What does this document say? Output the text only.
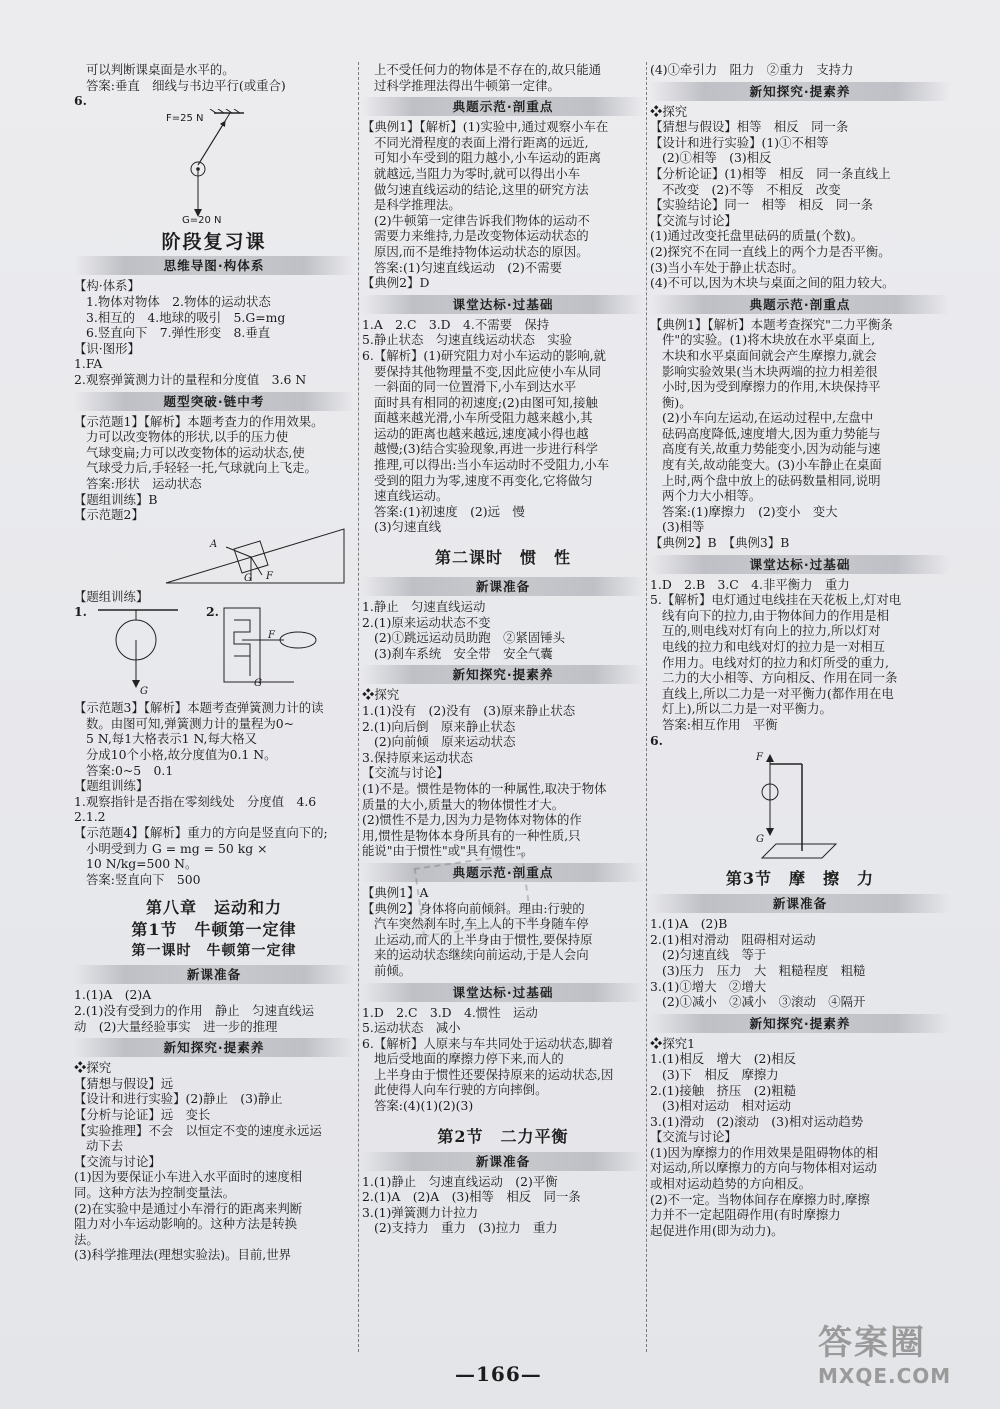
可以判断课桌面是水平的。
答案:垂直　细线与书边平行(或重合)
6.
F=25 N
G=20 N
阶段复习课
思维导图·构体系
【构·体系】
1.物体对物体　2.物体的运动状态
3.相互的　4.地球的吸引　5.G=mg
6.竖直向下　7.弹性形变　8.垂直
【识·图形】
1.FA
2.观察弹簧测力计的量程和分度值　3.6 N
题型突破·链中考
【示范题1】【解析】本题考查力的作用效果。
力可以改变物体的形状,以手的压力使
气球变扁;力可以改变物体的运动状态,使
气球受力后,手轻轻一托,气球就向上飞走。
答案:形状　运动状态
【题组训练】B
【示范题2】
A
G F
【题组训练】
1.	2.
G
F
G
【示范题3】【解析】本题考查弹簧测力计的读
数。由图可知,弹簧测力计的量程为0~
5 N,每1大格表示1 N,每大格又
分成10个小格,故分度值为0.1 N。
答案:0~5　0.1
【题组训练】
1.观察指针是否指在零刻线处　分度值　4.6
2.1.2
【示范题4】【解析】重力的方向是竖直向下的;
小明受到力 G = mg = 50 kg ×
10 N/kg=500 N。
答案:竖直向下　500
第八章　运动和力
第1节　牛顿第一定律
第一课时　牛顿第一定律
新课准备
1.(1)A　(2)A
2.(1)没有受到力的作用　静止　匀速直线运
动　(2)大量经验事实　进一步的推理
新知探究·提素养
❖探究
【猜想与假设】远
【设计和进行实验】(2)静止　(3)静止
【分析与论证】远　变长
【实验推理】不会　以恒定不变的速度永远运
动下去
【交流与讨论】
(1)因为要保证小车进入水平面时的速度相
同。这种方法为控制变量法。
(2)在实验中是通过小车滑行的距离来判断
阻力对小车运动影响的。这种方法是转换
法。
(3)科学推理法(理想实验法)。目前,世界
上不受任何力的物体是不存在的,故只能通
过科学推理法得出牛顿第一定律。
典题示范·剖重点
【典例1】【解析】(1)实验中,通过观察小车在
不同光滑程度的表面上滑行距离的远近,
可知小车受到的阻力越小,小车运动的距离
就越远,当阻力为零时,就可以得出小车
做匀速直线运动的结论,这里的研究方法
是科学推理法。
(2)牛顿第一定律告诉我们物体的运动不
需要力来维持,力是改变物体运动状态的
原因,而不是维持物体运动状态的原因。
答案:(1)匀速直线运动　(2)不需要
【典例2】D
课堂达标·过基础
1.A　2.C　3.D　4.不需要　保持
5.静止状态　匀速直线运动状态　实验
6.【解析】(1)研究阻力对小车运动的影响,就
要保持其他物理量不变,因此应使小车从同
一斜面的同一位置滑下,小车到达水平
面时具有相同的初速度;(2)由图可知,接触
面越来越光滑,小车所受阻力越来越小,其
运动的距离也越来越远,速度减小得也越
越慢;(3)结合实验现象,再进一步进行科学
推理,可以得出:当小车运动时不受阻力,小车
受到的阻力为零,速度不再变化,它将做匀
速直线运动。
答案:(1)初速度　(2)远　慢
(3)匀速直线
第二课时　惯　性
新课准备
1.静止　匀速直线运动
2.(1)原来运动状态不变
(2)①跳远运动员助跑　②紧固锤头
(3)刹车系统　安全带　安全气囊
新知探究·提素养
❖探究
1.(1)没有　(2)没有　(3)原来静止状态
2.(1)向后倒　原来静止状态
(2)向前倾　原来运动状态
3.保持原来运动状态
【交流与讨论】
(1)不是。惯性是物体的一种属性,取决于物体
质量的大小,质量大的物体惯性才大。
(2)惯性不是力,因为力是物体对物体的作
用,惯性是物体本身所具有的一种性质,只
能说"由于惯性"或"具有惯性"。
典题示范·剖重点
【典例1】A
【典例2】身体将向前倾斜。理由:行驶的
汽车突然刹车时,车上人的下半身随车停
止运动,而人的上半身由于惯性,要保持原
来的运动状态继续向前运动,于是人会向
前倾。
课堂达标·过基础
1.D　2.C　3.D　4.惯性　运动
5.运动状态　减小
6.【解析】人原来与车共同处于运动状态,脚着
地后受地面的摩擦力停下来,而人的
上半身由于惯性还要保持原来的运动状态,因
此使得人向车行驶的方向摔倒。
答案:(4)(1)(2)(3)
第2节　二力平衡
新课准备
1.(1)静止　匀速直线运动　(2)平衡
2.(1)A　(2)A　(3)相等　相反　同一条
3.(1)弹簧测力计拉力
(2)支持力　重力　(3)拉力　重力
(4)①牵引力　阻力　②重力　支持力
新知探究·提素养
❖探究
【猜想与假设】相等　相反　同一条
【设计和进行实验】(1)①不相等
(2)①相等　(3)相反
【分析论证】(1)相等　相反　同一条直线上
不改变　(2)不等　不相反　改变
【实验结论】同一　相等　相反　同一条
【交流与讨论】
(1)通过改变托盘里砝码的质量(个数)。
(2)探究不在同一直线上的两个力是否平衡。
(3)当小车处于静止状态时。
(4)不可以,因为木块与桌面之间的阻力较大。
典题示范·剖重点
【典例1】【解析】本题考查探究"二力平衡条
件"的实验。(1)将木块放在水平桌面上,
木块和水平桌面间就会产生摩擦力,就会
影响实验效果(当木块两端的拉力相差很
小时,因为受到摩擦力的作用,木块保持平
衡)。
(2)小车向左运动,在运动过程中,左盘中
砝码高度降低,速度增大,因为重力势能与
高度有关,故重力势能变小,因为动能与速
度有关,故动能变大。(3)小车静止在桌面
上时,两个盘中放上的砝码数量相同,说明
两个力大小相等。
答案:(1)摩擦力　(2)变小　变大
(3)相等
【典例2】B　【典例3】B
课堂达标·过基础
1.D　2.B　3.C　4.非平衡力　重力
5.【解析】电灯通过电线挂在天花板上,灯对电
线有向下的拉力,由于物体间力的作用是相
互的,则电线对灯有向上的拉力,所以灯对
电线的拉力和电线对灯的拉力是一对相互
作用力。电线对灯的拉力和灯所受的重力,
二力的大小相等、方向相反、作用在同一条
直线上,所以二力是一对平衡力(都作用在电
灯上),所以二力是一对平衡力。
答案:相互作用　平衡
6.
F
G
第3节　摩　擦　力
新课准备
1.(1)A　(2)B
2.(1)相对滑动　阻碍相对运动
(2)匀速直线　等于
(3)压力　压力　大　粗糙程度　粗糙
3.(1)①增大　②增大
(2)①减小　②减小　③滚动　④隔开
新知探究·提素养
❖探究1
1.(1)相反　增大　(2)相反
(3)下　相反　摩擦力
2.(1)接触　挤压　(2)粗糙
(3)相对运动　相对运动
3.(1)滑动　(2)滚动　(3)相对运动趋势
【交流与讨论】
(1)因为摩擦力的作用效果是阻碍物体的相
对运动,所以摩擦力的方向与物体相对运动
或相对运动趋势的方向相反。
(2)不一定。当物体间存在摩擦力时,摩擦
力并不一定起阻碍作用(有时摩擦力
起促进作用(即为动力)。
—166—
答案圈
MXQE.COM
